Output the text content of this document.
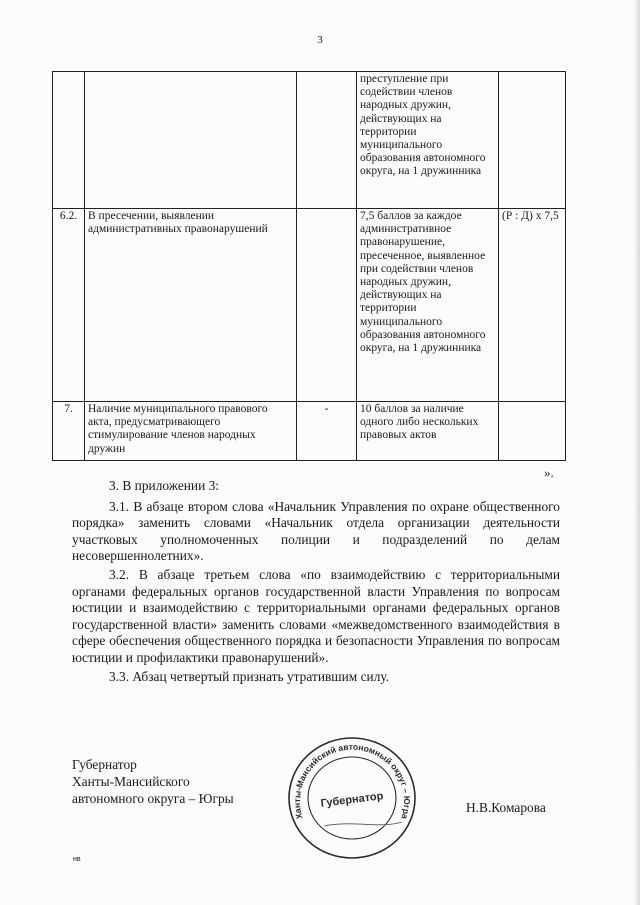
3
			преступление при содействии членов народных дружин, действующих на территории муниципального образования автономного округа, на 1 дружинника	
6.2.	В пресечении, выявлении административных правонарушений		7,5 баллов за каждое административное правонарушение, пресеченное, выявленное при содействии членов народных дружин, действующих на территории муниципального образования автономного округа, на 1 дружинника	(Р : Д) х 7,5
7.	Наличие муниципального правового акта, предусматривающего стимулирование членов народных дружин	-	10 баллов за наличие одного либо нескольких правовых актов	
».

3. В приложении 3:

3.1. В абзаце втором слова «Начальник Управления по охране общественного порядка» заменить словами «Начальник отдела организации деятельности участковых уполномоченных полиции и подразделений по делам несовершеннолетних».

3.2. В абзаце третьем слова «по взаимодействию с территориальными органами федеральных органов государственной власти Управления по вопросам юстиции и взаимодействию с территориальными органами федеральных органов государственной власти» заменить словами «межведомственного взаимодействия в сфере обеспечения общественного порядка и безопасности Управления по вопросам юстиции и профилактики правонарушений».

3.3. Абзац четвертый признать утратившим силу.

Губернатор
Ханты-Мансийского
автономного округа – Югры
Ханты-Мансийский автономный округ – Югра
Губернатор	Н.В.Комарова
нв
